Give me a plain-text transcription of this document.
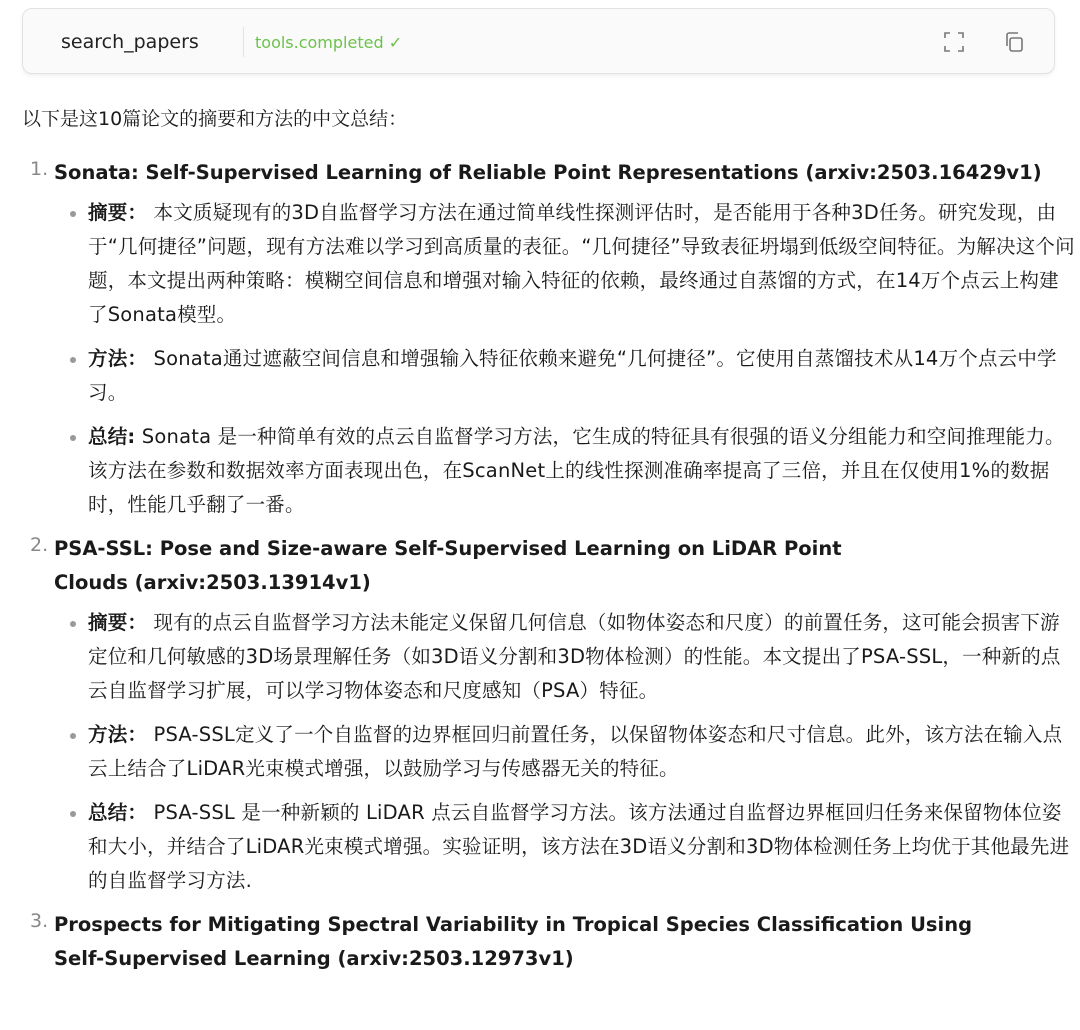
search_papers	tools.completed ✓
以下是这10篇论文的摘要和方法的中文总结：
1. Sonata: Self-Supervised Learning of Reliable Point Representations (arxiv:2503.16429v1)
摘要： 本文质疑现有的3D自监督学习方法在通过简单线性探测评估时，是否能用于各种3D任务。研究发现，由于“几何捷径”问题，现有方法难以学习到高质量的表征。“几何捷径”导致表征坍塌到低级空间特征。为解决这个问题，本文提出两种策略：模糊空间信息和增强对输入特征的依赖，最终通过自蒸馏的方式，在14万个点云上构建了Sonata模型。
方法： Sonata通过遮蔽空间信息和增强输入特征依赖来避免“几何捷径”。它使用自蒸馏技术从14万个点云中学习。
总结: Sonata 是一种简单有效的点云自监督学习方法，它生成的特征具有很强的语义分组能力和空间推理能力。该方法在参数和数据效率方面表现出色，在ScanNet上的线性探测准确率提高了三倍，并且在仅使用1%的数据时，性能几乎翻了一番。
2. PSA-SSL: Pose and Size-aware Self-Supervised Learning on LiDAR Point Clouds (arxiv:2503.13914v1)
摘要： 现有的点云自监督学习方法未能定义保留几何信息（如物体姿态和尺度）的前置任务，这可能会损害下游定位和几何敏感的3D场景理解任务（如3D语义分割和3D物体检测）的性能。本文提出了PSA-SSL，一种新的点云自监督学习扩展，可以学习物体姿态和尺度感知（PSA）特征。
方法： PSA-SSL定义了一个自监督的边界框回归前置任务，以保留物体姿态和尺寸信息。此外，该方法在输入点云上结合了LiDAR光束模式增强，以鼓励学习与传感器无关的特征。
总结： PSA-SSL 是一种新颖的 LiDAR 点云自监督学习方法。该方法通过自监督边界框回归任务来保留物体位姿和大小，并结合了LiDAR光束模式增强。实验证明，该方法在3D语义分割和3D物体检测任务上均优于其他最先进的自监督学习方法.
3. Prospects for Mitigating Spectral Variability in Tropical Species Classification Using Self-Supervised Learning (arxiv:2503.12973v1)
